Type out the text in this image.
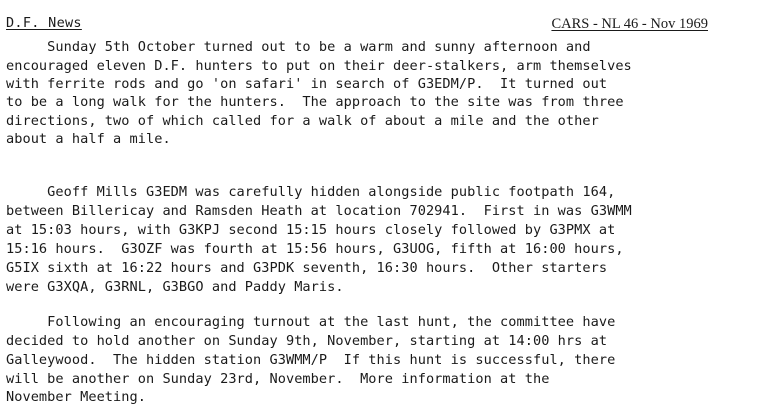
D.F. News	CARS - NL 46 - Nov 1969
Sunday 5th October turned out to be a warm and sunny afternoon and
encouraged eleven D.F. hunters to put on their deer-stalkers, arm themselves
with ferrite rods and go 'on safari' in search of G3EDM/P.  It turned out
to be a long walk for the hunters.  The approach to the site was from three
directions, two of which called for a walk of about a mile and the other
about a half a mile.
Geoff Mills G3EDM was carefully hidden alongside public footpath 164,
between Billericay and Ramsden Heath at location 702941.  First in was G3WMM
at 15:03 hours, with G3KPJ second 15:15 hours closely followed by G3PMX at
15:16 hours.  G3OZF was fourth at 15:56 hours, G3UOG, fifth at 16:00 hours,
G5IX sixth at 16:22 hours and G3PDK seventh, 16:30 hours.  Other starters
were G3XQA, G3RNL, G3BGO and Paddy Maris.
Following an encouraging turnout at the last hunt, the committee have
decided to hold another on Sunday 9th, November, starting at 14:00 hrs at
Galleywood.  The hidden station G3WMM/P  If this hunt is successful, there
will be another on Sunday 23rd, November.  More information at the
November Meeting.
